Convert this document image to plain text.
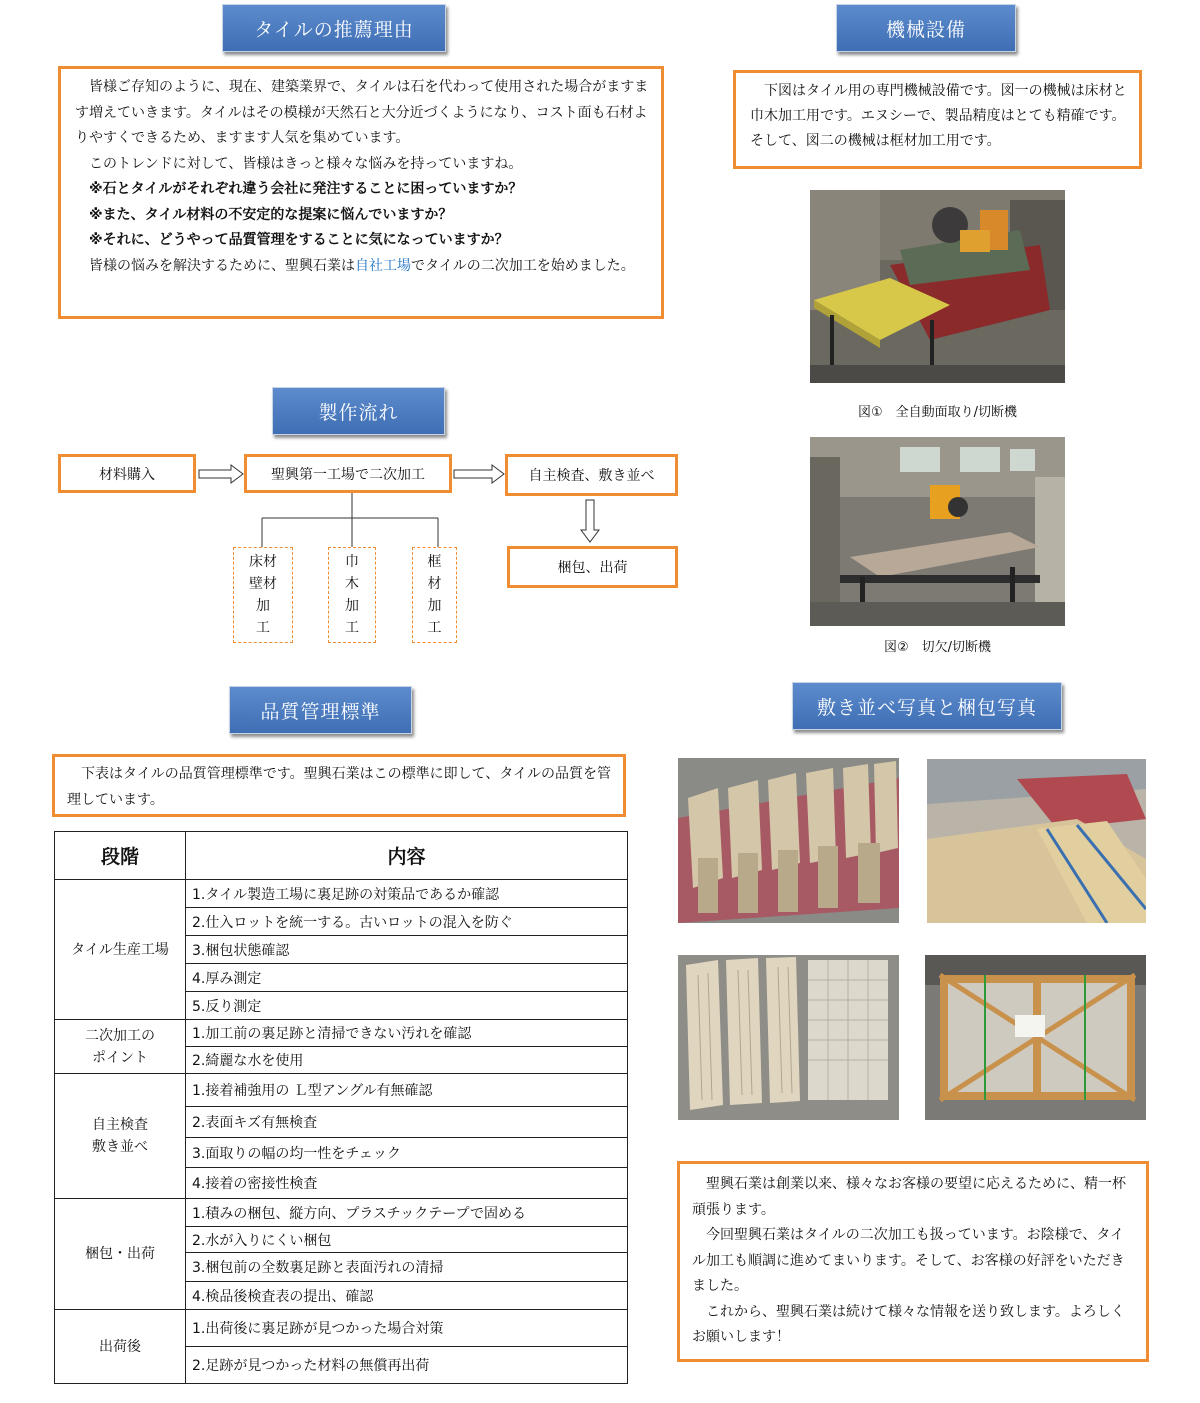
タイルの推薦理由	機械設備
製作流れ
品質管理標準	敷き並べ写真と梱包写真

皆様ご存知のように、現在、建築業界で、タイルは石を代わって使用された場合がますます増えていきます。タイルはその模様が天然石と大分近づくようになり、コスト面も石材よりやすくできるため、ますます人気を集めています。

このトレンドに対して、皆様はきっと様々な悩みを持っていますね。

※石とタイルがそれぞれ違う会社に発注することに困っていますか？

※また、タイル材料の不安定的な提案に悩んでいますか？

※それに、どうやって品質管理をすることに気になっていますか？

皆様の悩みを解決するために、聖興石業は自社工場でタイルの二次加工を始めました。

下図はタイル用の専門機械設備です。図一の機械は床材と巾木加工用です。エヌシーで、製品精度はとても精確です。そして、図二の機械は框材加工用です。

図①　全自動面取り/切断機
図②　切欠/切断機
材料購入	聖興第一工場で二次加工	自主検査、敷き並べ
梱包、出荷
床材
壁材
加
工
巾
木
加
工
框
材
加
工

下表はタイルの品質管理標準です。聖興石業はこの標準に即して、タイルの品質を管理しています。

段階	内容
タイル生産工場	1.タイル製造工場に裏足跡の対策品であるか確認
	2.仕入ロットを統一する。古いロットの混入を防ぐ
	3.梱包状態確認
	4.厚み測定
	5.反り測定
二次加工の
ポイント	1.加工前の裏足跡と清掃できない汚れを確認
	2.綺麗な水を使用
自主検査
敷き並べ	1.接着補強用の Ｌ型アングル有無確認
	2.表面キズ有無検査
	3.面取りの幅の均一性をチェック
	4.接着の密接性検査
梱包・出荷	1.積みの梱包、縦方向、プラスチックテープで固める
	2.水が入りにくい梱包
	3.梱包前の全数裏足跡と表面汚れの清掃
	4.検品後検査表の提出、確認
出荷後	1.出荷後に裏足跡が見つかった場合対策
	2.足跡が見つかった材料の無償再出荷

聖興石業は創業以来、様々なお客様の要望に応えるために、精一杯頑張ります。

今回聖興石業はタイルの二次加工も扱っています。お陰様で、タイル加工も順調に進めてまいります。そして、お客様の好評をいただきました。

これから、聖興石業は続けて様々な情報を送り致します。よろしくお願いします！
